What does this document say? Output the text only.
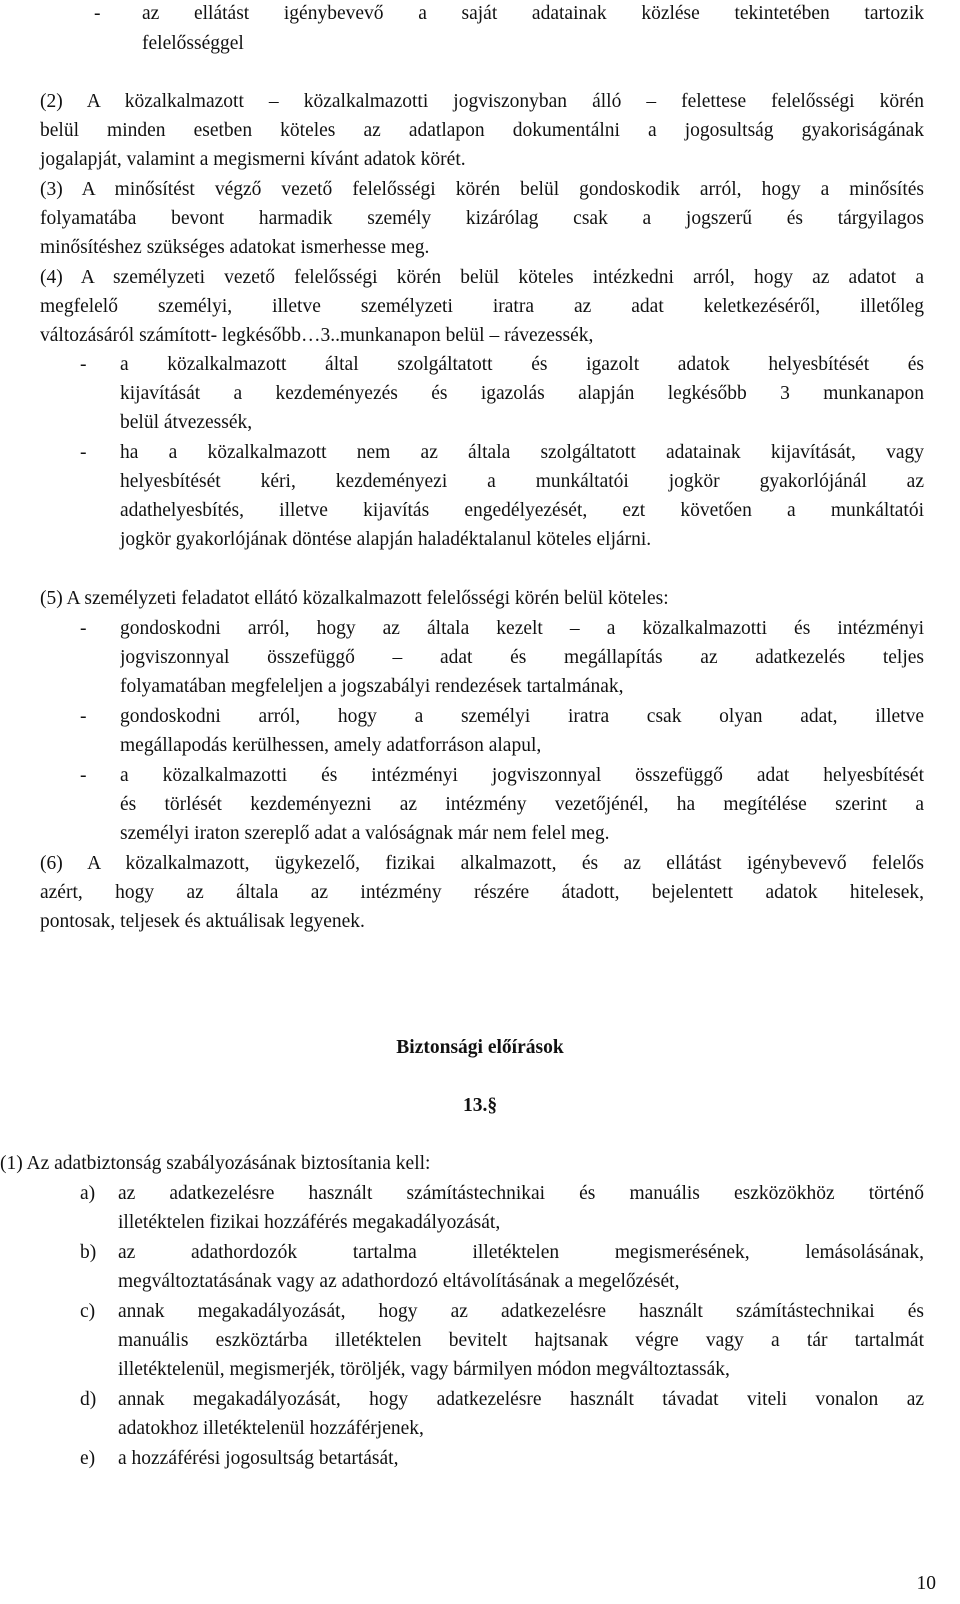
- az ellátást igénybevevő a saját adatainak közlése tekintetében tartozik
felelősséggel
(2) A közalkalmazott – közalkalmazotti jogviszonyban álló – felettese felelősségi körén
belül minden esetben köteles az adatlapon dokumentálni a jogosultság gyakoriságának
jogalapját, valamint a megismerni kívánt adatok körét.
(3) A minősítést végző vezető felelősségi körén belül gondoskodik arról, hogy a minősítés
folyamatába bevont harmadik személy kizárólag csak a jogszerű és tárgyilagos
minősítéshez szükséges adatokat ismerhesse meg.
(4) A személyzeti vezető felelősségi körén belül köteles intézkedni arról, hogy az adatot a
megfelelő személyi, illetve személyzeti iratra az adat keletkezéséről, illetőleg
változásáról számított- legkésőbb…3..munkanapon belül – rávezessék,
- a közalkalmazott által szolgáltatott és igazolt adatok helyesbítését és
kijavítását a kezdeményezés és igazolás alapján legkésőbb 3 munkanapon
belül átvezessék,
- ha a közalkalmazott nem az általa szolgáltatott adatainak kijavítását, vagy
helyesbítését kéri, kezdeményezi a munkáltatói jogkör gyakorlójánál az
adathelyesbítés, illetve kijavítás engedélyezését, ezt követően a munkáltatói
jogkör gyakorlójának döntése alapján haladéktalanul köteles eljárni.
(5) A személyzeti feladatot ellátó közalkalmazott felelősségi körén belül köteles:
- gondoskodni arról, hogy az általa kezelt – a közalkalmazotti és intézményi
jogviszonnyal összefüggő – adat és megállapítás az adatkezelés teljes
folyamatában megfeleljen a jogszabályi rendezések tartalmának,
- gondoskodni arról, hogy a személyi iratra csak olyan adat, illetve
megállapodás kerülhessen, amely adatforráson alapul,
- a közalkalmazotti és intézményi jogviszonnyal összefüggő adat helyesbítését
és törlését kezdeményezni az intézmény vezetőjénél, ha megítélése szerint a
személyi iraton szereplő adat a valóságnak már nem felel meg.
(6) A közalkalmazott, ügykezelő, fizikai alkalmazott, és az ellátást igénybevevő felelős
azért, hogy az általa az intézmény részére átadott, bejelentett adatok hitelesek,
pontosak, teljesek és aktuálisak legyenek.
Biztonsági előírások
13.§
(1) Az adatbiztonság szabályozásának biztosítania kell:
a) az adatkezelésre használt számítástechnikai és manuális eszközökhöz történő
illetéktelen fizikai hozzáférés megakadályozását,
b) az adathordozók tartalma illetéktelen megismerésének, lemásolásának,
megváltoztatásának vagy az adathordozó eltávolításának a megelőzését,
c) annak megakadályozását, hogy az adatkezelésre használt számítástechnikai és
manuális eszköztárba illetéktelen bevitelt hajtsanak végre vagy a tár tartalmát
illetéktelenül, megismerjék, töröljék, vagy bármilyen módon megváltoztassák,
d) annak megakadályozását, hogy adatkezelésre használt távadat viteli vonalon az
adatokhoz illetéktelenül hozzáférjenek,
e) a hozzáférési jogosultság betartását,
10
